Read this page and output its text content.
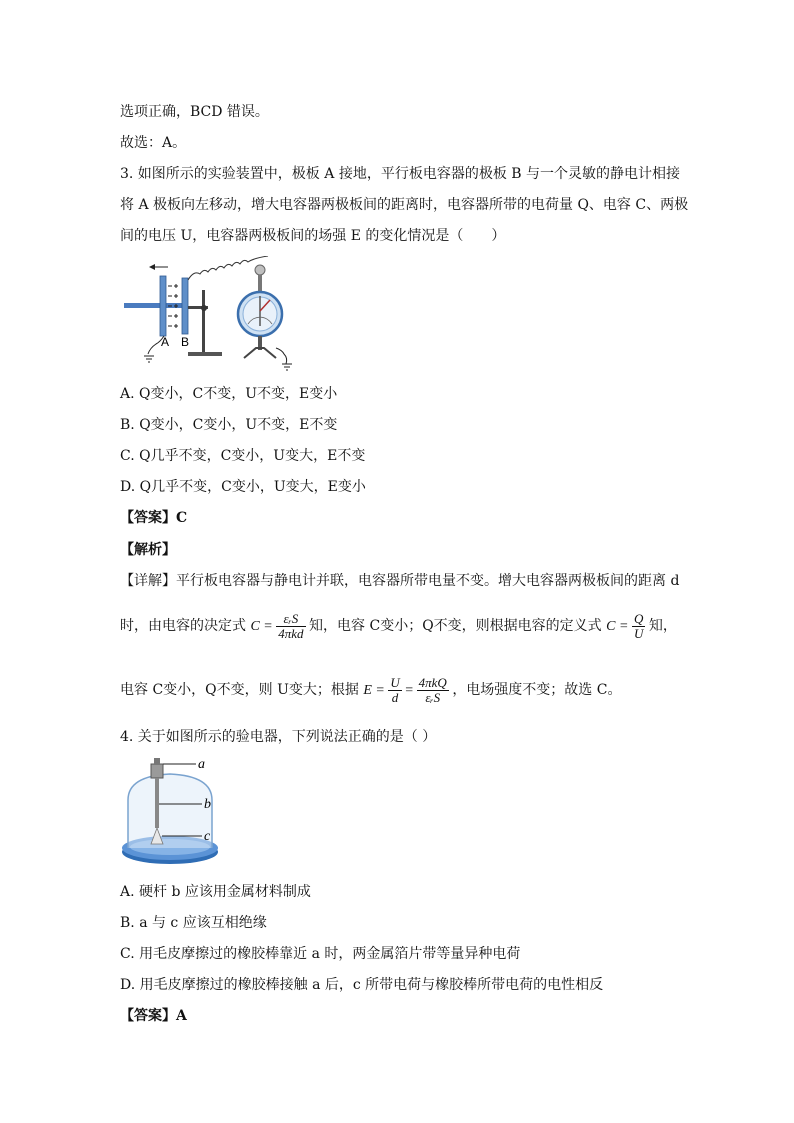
选项正确，BCD 错误。
故选：A。
3. 如图所示的实验装置中，极板 A 接地，平行板电容器的极板 B 与一个灵敏的静电计相接
将 A 极板向左移动，增大电容器两极板间的距离时，电容器所带的电荷量 Q、电容 C、两极
间的电压 U，电容器两极板间的场强 E 的变化情况是（　　）
A B
A. Q变小，C不变，U不变，E变小
B. Q变小，C变小，U不变，E不变
C. Q几乎不变，C变小，U变大，E不变
D. Q几乎不变，C变小，U变大，E变小
【答案】C
【解析】
【详解】平行板电容器与静电计并联，电容器所带电量不变。增大电容器两极板间的距离 d
时，由电容的决定式 $C = \frac{\text{εᵣS}}{\text{4πkd}}$ 知，电容 C变小；Q不变，则根据电容的定义式 $C = \frac{Q}{U}$ 知，
电容 C变小，Q不变，则 U变大；根据 $E = \frac{U}{d} = \frac{\text{4πkQ}}{\text{εᵣS}}$ ，电场强度不变；故选 C。
4. 关于如图所示的验电器，下列说法正确的是（ ）
a
b
c
A. 硬杆 b 应该用金属材料制成
B. a 与 c 应该互相绝缘
C. 用毛皮摩擦过的橡胶棒靠近 a 时，两金属箔片带等量异种电荷
D. 用毛皮摩擦过的橡胶棒接触 a 后，c 所带电荷与橡胶棒所带电荷的电性相反
【答案】A
